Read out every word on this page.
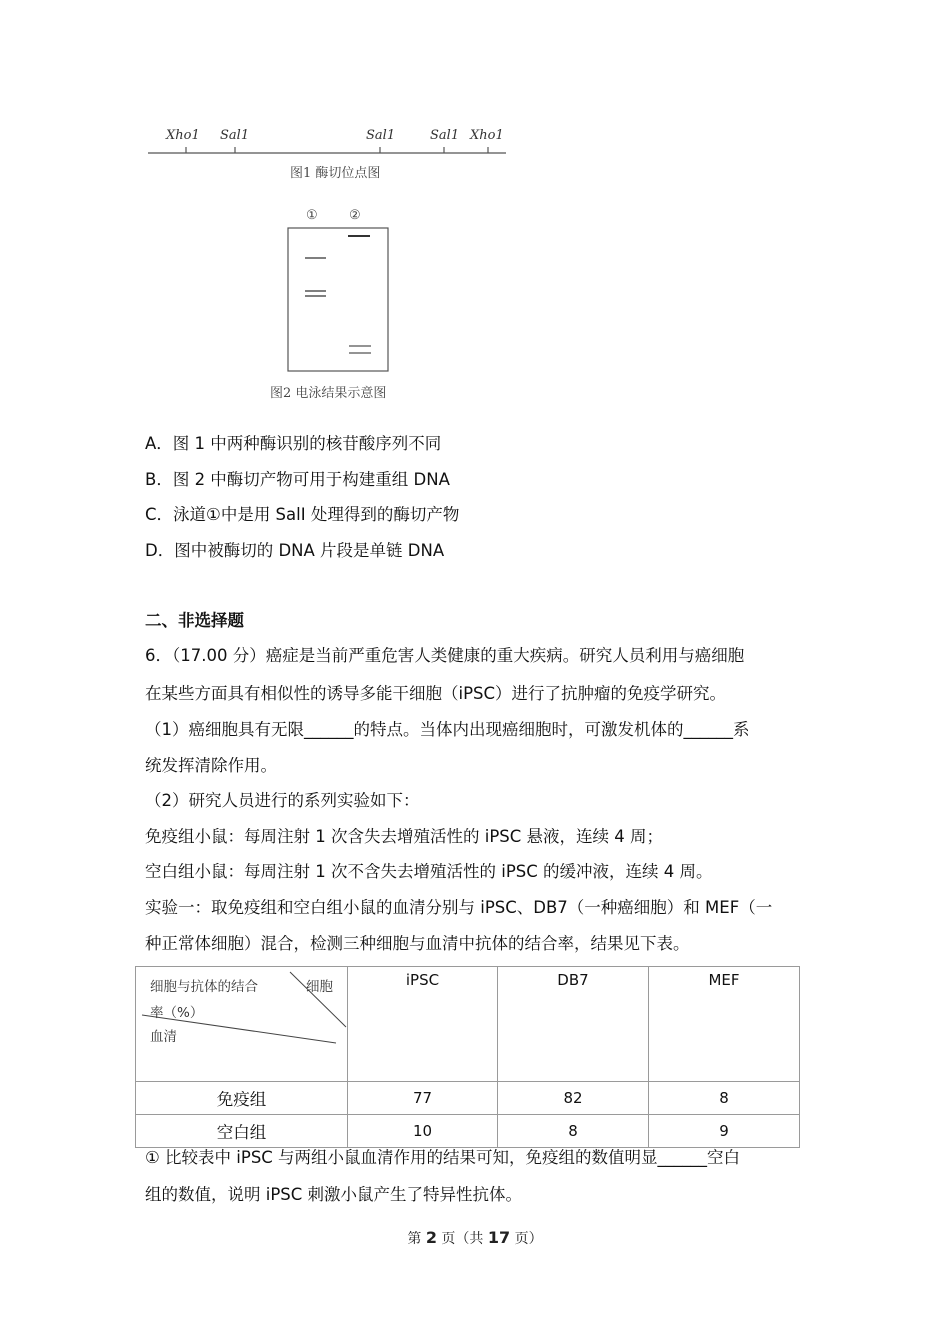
Xho1 Sal1	Sal1	Sal1 Xho1
图1 酶切位点图
① ②
图2 电泳结果示意图
A．图 1 中两种酶识别的核苷酸序列不同
B．图 2 中酶切产物可用于构建重组 DNA
C．泳道①中是用 SalI 处理得到的酶切产物
D．图中被酶切的 DNA 片段是单链 DNA
二、非选择题
6．（17.00 分）癌症是当前严重危害人类健康的重大疾病。研究人员利用与癌细胞
在某些方面具有相似性的诱导多能干细胞（iPSC）进行了抗肿瘤的免疫学研究。
（1）癌细胞具有无限______的特点。当体内出现癌细胞时，可激发机体的______系
统发挥清除作用。
（2）研究人员进行的系列实验如下：
免疫组小鼠：每周注射 1 次含失去增殖活性的 iPSC 悬液，连续 4 周；
空白组小鼠：每周注射 1 次不含失去增殖活性的 iPSC 的缓冲液，连续 4 周。
实验一：取免疫组和空白组小鼠的血清分别与 iPSC、DB7（一种癌细胞）和 MEF（一
种正常体细胞）混合，检测三种细胞与血清中抗体的结合率，结果见下表。
细胞与抗体的结合 细胞
率（%）
血清	iPSC	DB7	MEF
免疫组	77	82	8
空白组	10	8	9
① 比较表中 iPSC 与两组小鼠血清作用的结果可知，免疫组的数值明显______空白
组的数值，说明 iPSC 刺激小鼠产生了特异性抗体。
第 2 页（共 17 页）
